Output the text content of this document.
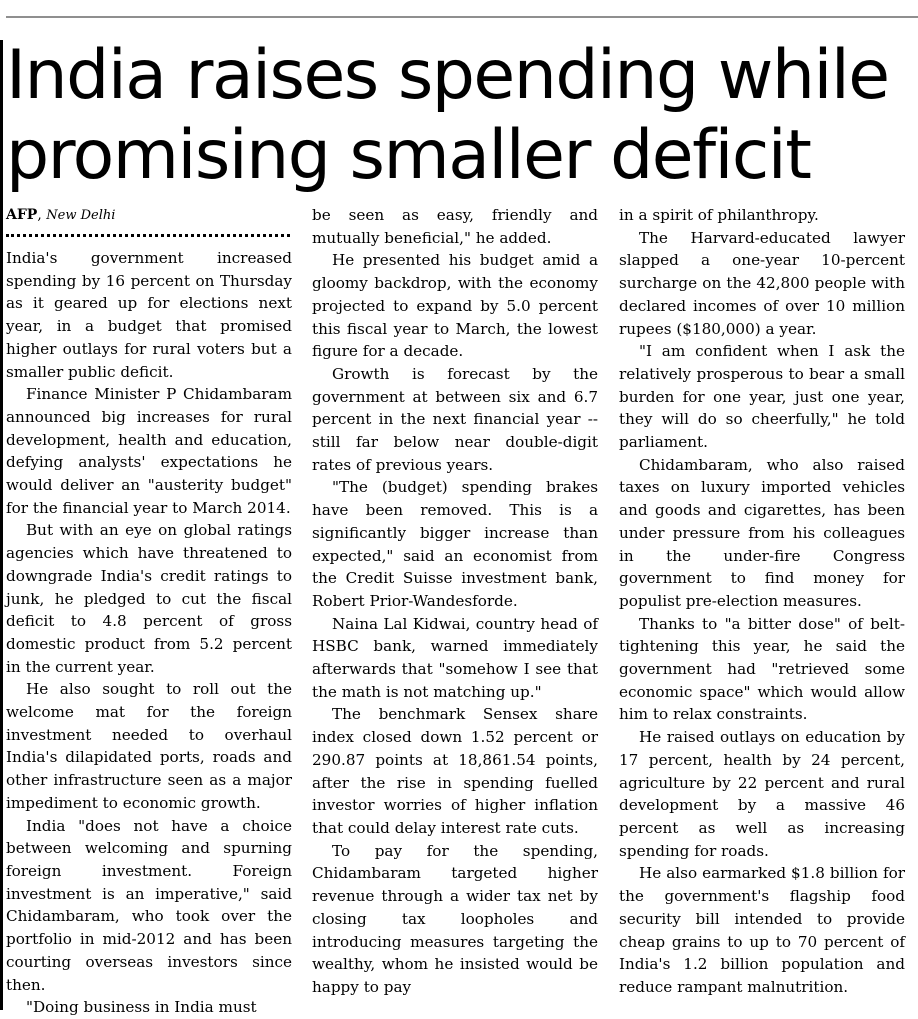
India raises spending while promising smaller deficit
AFP, New Delhi

India's government increased spending by 16 percent on Thursday as it geared up for elections next year, in a budget that promised higher outlays for rural voters but a smaller public deficit.

Finance Minister P Chidambaram announced big increases for rural development, health and education, defying analysts' expectations he would deliver an "austerity budget" for the financial year to March 2014.

But with an eye on global ratings agencies which have threatened to downgrade India's credit ratings to junk, he pledged to cut the fiscal deficit to 4.8 percent of gross domestic product from 5.2 percent in the current year.

He also sought to roll out the welcome mat for the foreign investment needed to overhaul India's dilapidated ports, roads and other infrastructure seen as a major impediment to economic growth.

India "does not have a choice between welcoming and spurning foreign investment. Foreign investment is an imperative," said Chidambaram, who took over the portfolio in mid-2012 and has been courting overseas investors since then.

"Doing business in India must

be seen as easy, friendly and mutually beneficial," he added.

He presented his budget amid a gloomy backdrop, with the economy projected to expand by 5.0 percent this fiscal year to March, the lowest figure for a decade.

Growth is forecast by the government at between six and 6.7 percent in the next financial year -- still far below near double-digit rates of previous years.

"The (budget) spending brakes have been removed. This is a significantly bigger increase than expected," said an economist from the Credit Suisse investment bank, Robert Prior-Wandesforde.

Naina Lal Kidwai, country head of HSBC bank, warned immediately afterwards that "somehow I see that the math is not matching up."

The benchmark Sensex share index closed down 1.52 percent or 290.87 points at 18,861.54 points, after the rise in spending fuelled investor worries of higher inflation that could delay interest rate cuts.

To pay for the spending, Chidambaram targeted higher revenue through a wider tax net by closing tax loopholes and introducing measures targeting the wealthy, whom he insisted would be happy to pay

in a spirit of philanthropy.

The Harvard-educated lawyer slapped a one-year 10-percent surcharge on the 42,800 people with declared incomes of over 10 million rupees ($180,000) a year.

"I am confident when I ask the relatively prosperous to bear a small burden for one year, just one year, they will do so cheerfully," he told parliament.

Chidambaram, who also raised taxes on luxury imported vehicles and goods and cigarettes, has been under pressure from his colleagues in the under-fire Congress government to find money for populist pre-election measures.

Thanks to "a bitter dose" of belt-tightening this year, he said the government had "retrieved some economic space" which would allow him to relax constraints.

He raised outlays on education by 17 percent, health by 24 percent, agriculture by 22 percent and rural development by a massive 46 percent as well as increasing spending for roads.

He also earmarked $1.8 billion for the government's flagship food security bill intended to provide cheap grains to up to 70 percent of India's 1.2 billion population and reduce rampant malnutrition.
